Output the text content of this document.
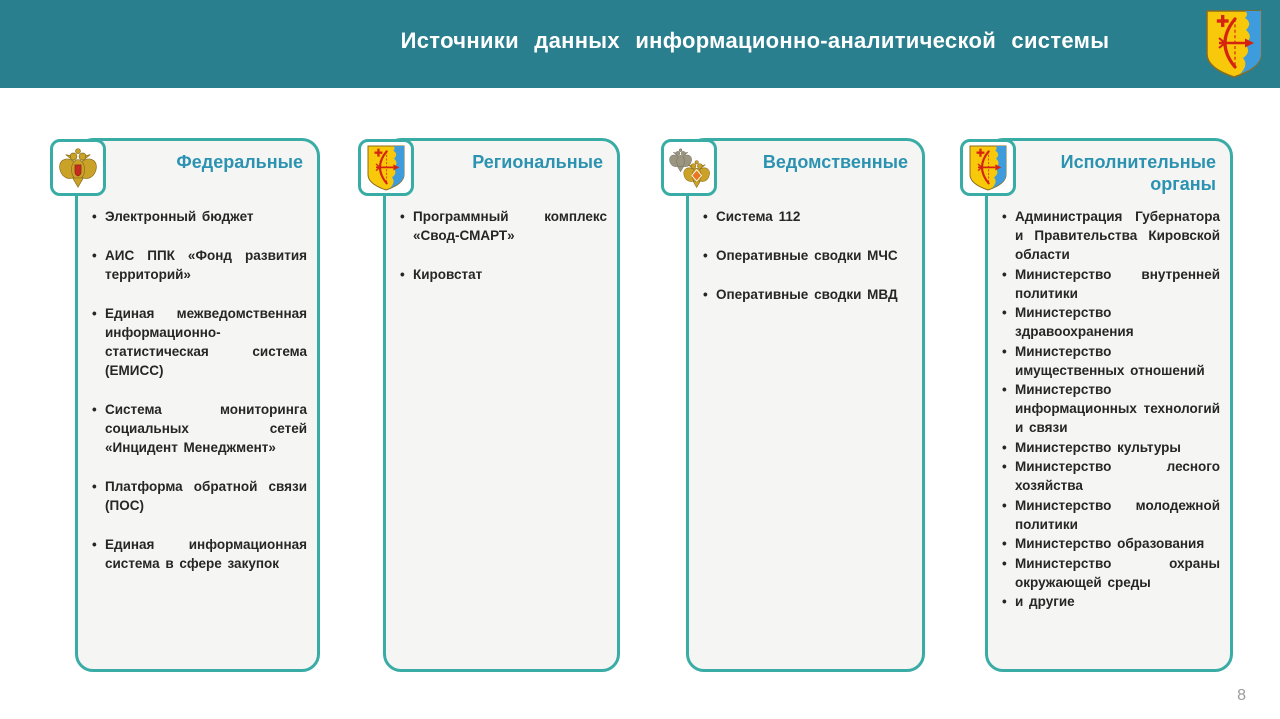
Источники данных информационно-аналитической системы
Федеральные
• Электронный бюджет
• АИС ППК «Фонд развития территорий»
• Единая межведомственная информационно-статистическая система (ЕМИСС)
• Система мониторинга социальных сетей «Инцидент Менеджмент»
• Платформа обратной связи (ПОС)
• Единая информационная система в сфере закупок
Региональные
• Программный комплекс «Свод-СМАРТ»
• Кировстат
Ведомственные
• Система 112
• Оперативные сводки МЧС
• Оперативные сводки МВД
Исполнительные органы
• Администрация Губернатора и Правительства Кировской области
• Министерство внутренней политики
• Министерство здравоохранения
• Министерство имущественных отношений
• Министерство информационных технологий и связи
• Министерство культуры
• Министерство лесного хозяйства
• Министерство молодежной политики
• Министерство образования
• Министерство охраны окружающей среды
• и другие
8
